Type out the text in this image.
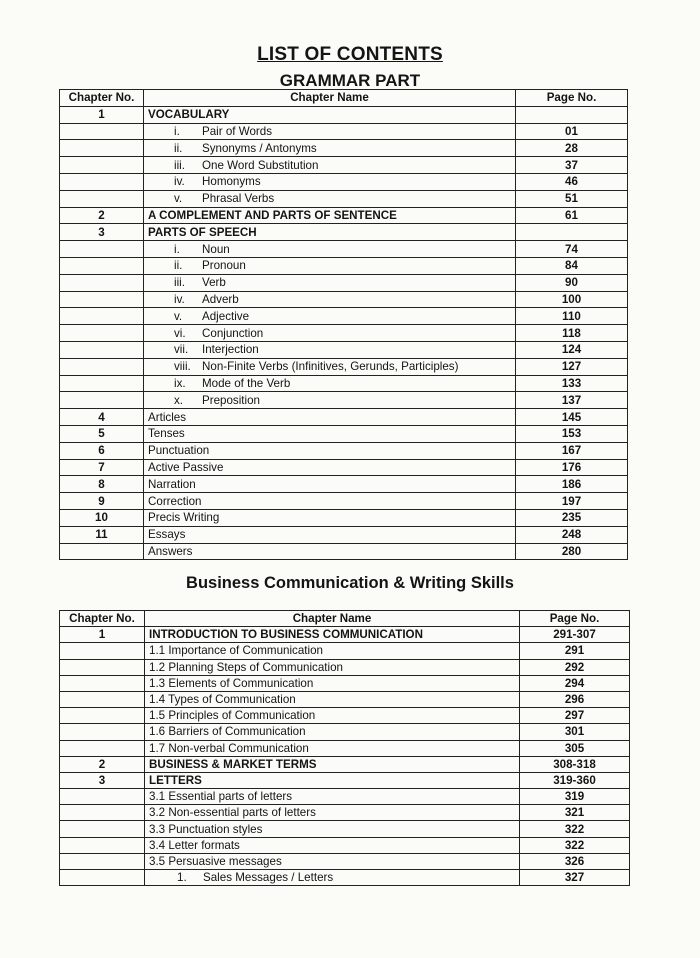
LIST OF CONTENTS
GRAMMAR PART
Chapter No.	Chapter Name	Page No.
1	VOCABULARY	
	i. Pair of Words	01
	ii. Synonyms / Antonyms	28
	iii. One Word Substitution	37
	iv. Homonyms	46
	v. Phrasal Verbs	51
2	A COMPLEMENT AND PARTS OF SENTENCE	61
3	PARTS OF SPEECH	
	i. Noun	74
	ii. Pronoun	84
	iii. Verb	90
	iv. Adverb	100
	v. Adjective	110
	vi. Conjunction	118
	vii. Interjection	124
	viii. Non-Finite Verbs (Infinitives, Gerunds, Participles)	127
	ix. Mode of the Verb	133
	x. Preposition	137
4	Articles	145
5	Tenses	153
6	Punctuation	167
7	Active Passive	176
8	Narration	186
9	Correction	197
10	Precis Writing	235
11	Essays	248
	Answers	280
Business Communication & Writing Skills
Chapter No.	Chapter Name	Page No.
1	INTRODUCTION TO BUSINESS COMMUNICATION	291-307
	1.1 Importance of Communication	291
	1.2 Planning Steps of Communication	292
	1.3 Elements of Communication	294
	1.4 Types of Communication	296
	1.5 Principles of Communication	297
	1.6 Barriers of Communication	301
	1.7 Non-verbal Communication	305
2	BUSINESS & MARKET TERMS	308-318
3	LETTERS	319-360
	3.1 Essential parts of letters	319
	3.2 Non-essential parts of letters	321
	3.3 Punctuation styles	322
	3.4 Letter formats	322
	3.5 Persuasive messages	326
	1. Sales Messages / Letters	327
